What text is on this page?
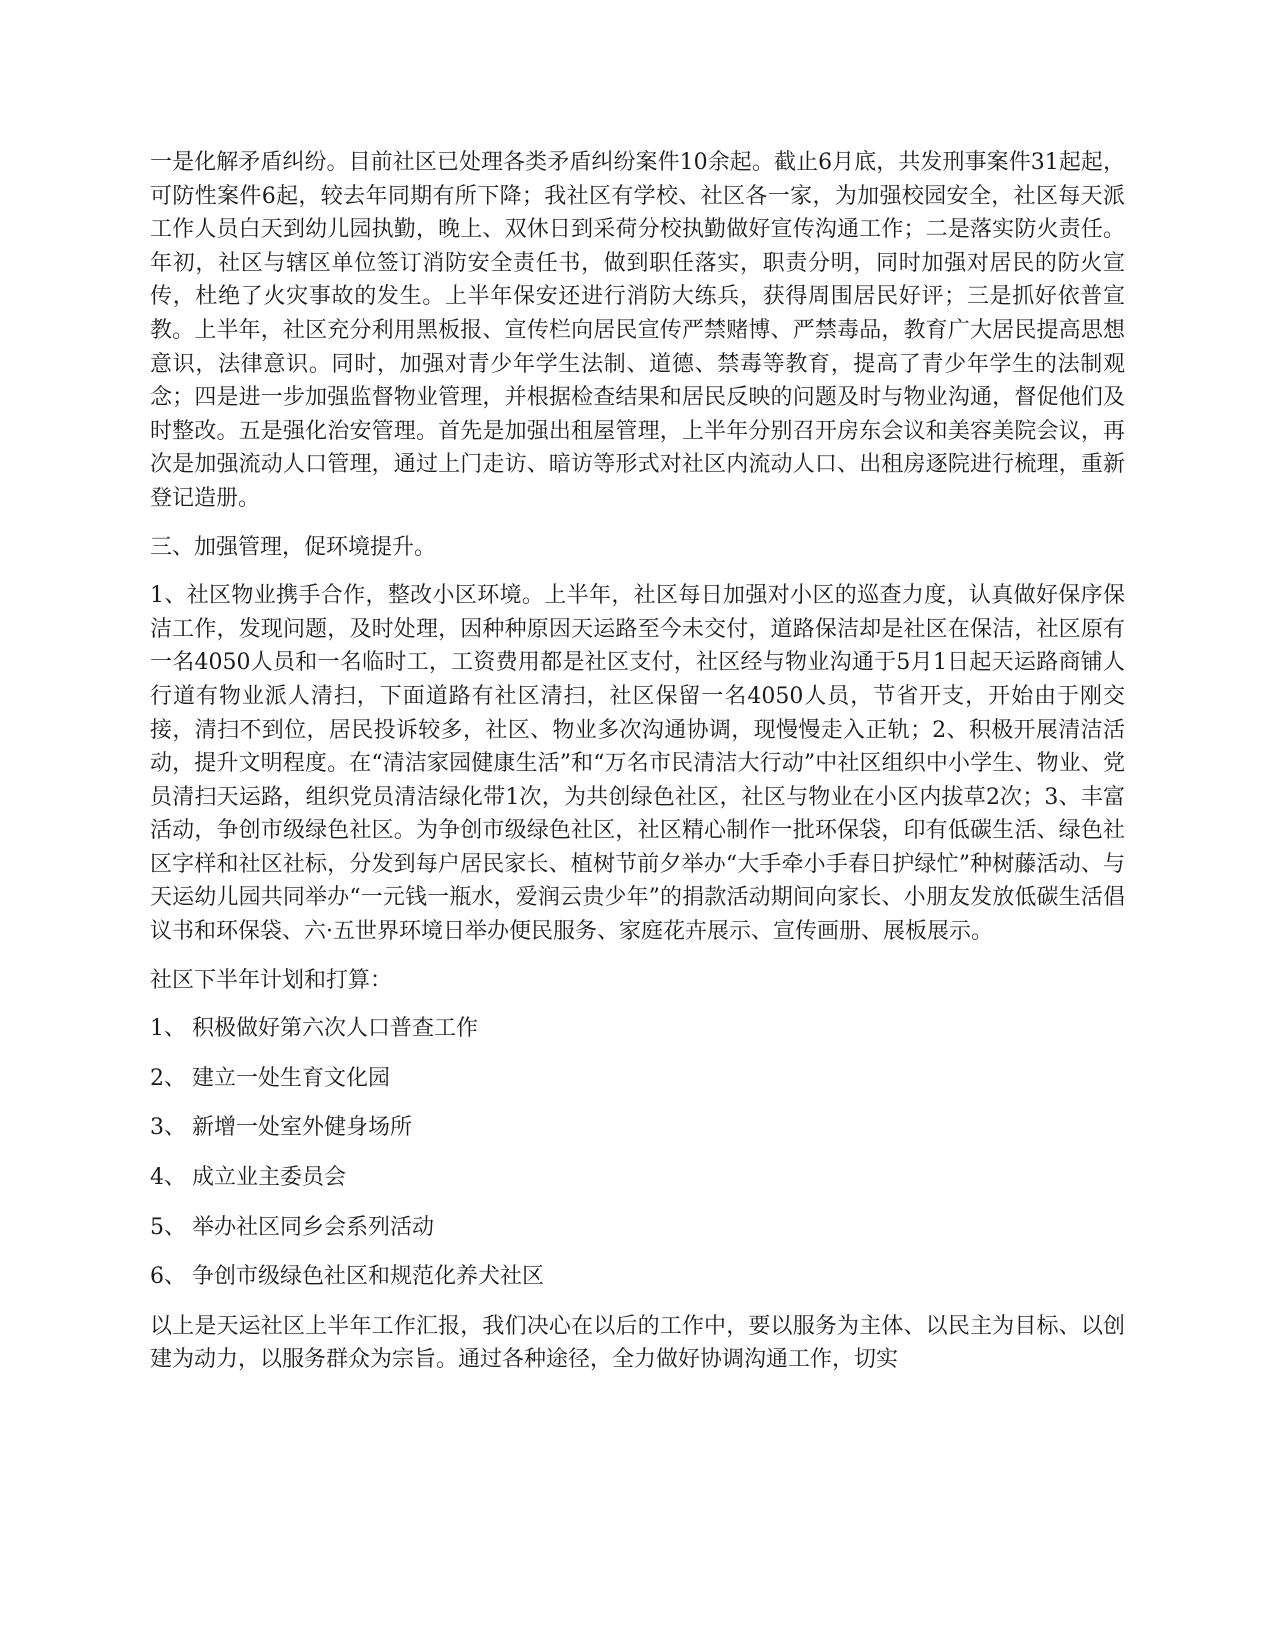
一是化解矛盾纠纷。目前社区已处理各类矛盾纠纷案件10余起。截止6月底，共发刑事案件31起起，可防性案件6起，较去年同期有所下降；我社区有学校、社区各一家，为加强校园安全，社区每天派工作人员白天到幼儿园执勤，晚上、双休日到采荷分校执勤做好宣传沟通工作；二是落实防火责任。年初，社区与辖区单位签订消防安全责任书，做到职任落实，职责分明，同时加强对居民的防火宣传，杜绝了火灾事故的发生。上半年保安还进行消防大练兵，获得周围居民好评；三是抓好依普宣教。上半年，社区充分利用黑板报、宣传栏向居民宣传严禁赌博、严禁毒品，教育广大居民提高思想意识，法律意识。同时，加强对青少年学生法制、道德、禁毒等教育，提高了青少年学生的法制观念；四是进一步加强监督物业管理，并根据检查结果和居民反映的问题及时与物业沟通，督促他们及时整改。五是强化治安管理。首先是加强出租屋管理，上半年分别召开房东会议和美容美院会议，再次是加强流动人口管理，通过上门走访、暗访等形式对社区内流动人口、出租房逐院进行梳理，重新登记造册。

三、加强管理，促环境提升。

1、社区物业携手合作，整改小区环境。上半年，社区每日加强对小区的巡查力度，认真做好保序保洁工作，发现问题，及时处理，因种种原因天运路至今未交付，道路保洁却是社区在保洁，社区原有一名4050人员和一名临时工，工资费用都是社区支付，社区经与物业沟通于5月1日起天运路商铺人行道有物业派人清扫，下面道路有社区清扫，社区保留一名4050人员，节省开支，开始由于刚交接，清扫不到位，居民投诉较多，社区、物业多次沟通协调，现慢慢走入正轨；2、积极开展清洁活动，提升文明程度。在“清洁家园健康生活”和“万名市民清洁大行动”中社区组织中小学生、物业、党员清扫天运路，组织党员清洁绿化带1次，为共创绿色社区，社区与物业在小区内拔草2次；3、丰富活动，争创市级绿色社区。为争创市级绿色社区，社区精心制作一批环保袋，印有低碳生活、绿色社区字样和社区社标，分发到每户居民家长、植树节前夕举办“大手牵小手春日护绿忙”种树藤活动、与天运幼儿园共同举办“一元钱一瓶水，爱润云贵少年”的捐款活动期间向家长、小朋友发放低碳生活倡议书和环保袋、六·五世界环境日举办便民服务、家庭花卉展示、宣传画册、展板展示。

社区下半年计划和打算：

1、 积极做好第六次人口普查工作
2、 建立一处生育文化园
3、 新增一处室外健身场所
4、 成立业主委员会
5、 举办社区同乡会系列活动
6、 争创市级绿色社区和规范化养犬社区

以上是天运社区上半年工作汇报，我们决心在以后的工作中，要以服务为主体、以民主为目标、以创建为动力，以服务群众为宗旨。通过各种途径，全力做好协调沟通工作，切实
